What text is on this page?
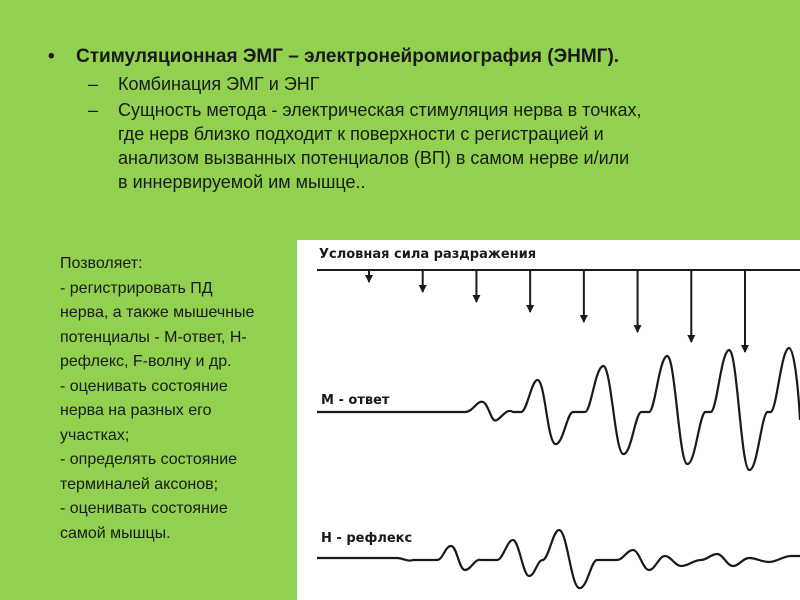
•	Стимуляционная ЭМГ – электронейромиография (ЭНМГ).
–	Комбинация ЭМГ и ЭНГ
–	Сущность метода - электрическая стимуляция нерва в точках,
где нерв близко подходит к поверхности с регистрацией и
анализом вызванных потенциалов (ВП) в самом нерве и/или
в иннервируемой им мышце..
Позволяет:
- регистрировать ПД
нерва, а также мышечные
потенциалы - М-ответ, Н-
рефлекс, F-волну и др.
- оценивать состояние
нерва на разных его
участках;
- определять состояние
терминалей аксонов;
- оценивать состояние
самой мышцы.
Условная сила раздражения
М - ответ
Н - рефлекс
